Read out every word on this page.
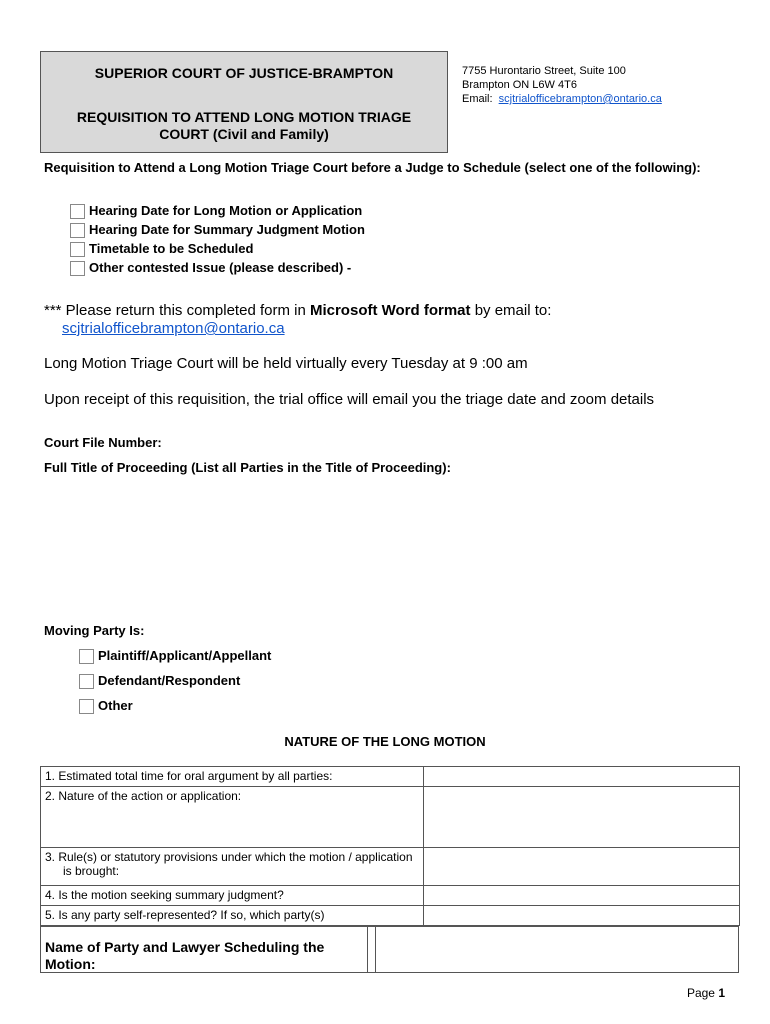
SUPERIOR COURT OF JUSTICE-BRAMPTON
REQUISITION TO ATTEND LONG MOTION TRIAGE
COURT (Civil and Family)
7755 Hurontario Street, Suite 100
Brampton ON L6W 4T6
Email: scjtrialofficebrampton@ontario.ca
Requisition to Attend a Long Motion Triage Court before a Judge to Schedule (select one of the following):
Hearing Date for Long Motion or Application
Hearing Date for Summary Judgment Motion
Timetable to be Scheduled
Other contested Issue (please described) -
*** Please return this completed form in Microsoft Word format by email to:
scjtrialofficebrampton@ontario.ca
Long Motion Triage Court will be held virtually every Tuesday at 9 :00 am
Upon receipt of this requisition, the trial office will email you the triage date and zoom details
Court File Number:
Full Title of Proceeding (List all Parties in the Title of Proceeding):
Moving Party Is:
Plaintiff/Applicant/Appellant
Defendant/Respondent
Other
NATURE OF THE LONG MOTION
1. Estimated total time for oral argument by all parties:	
2. Nature of the action or application:	
3. Rule(s) or statutory provisions under which the motion / application is brought:	
4. Is the motion seeking summary judgment?	
5. Is any party self-represented? If so, which party(s)	
Name of Party and Lawyer Scheduling the Motion:
Page 1
